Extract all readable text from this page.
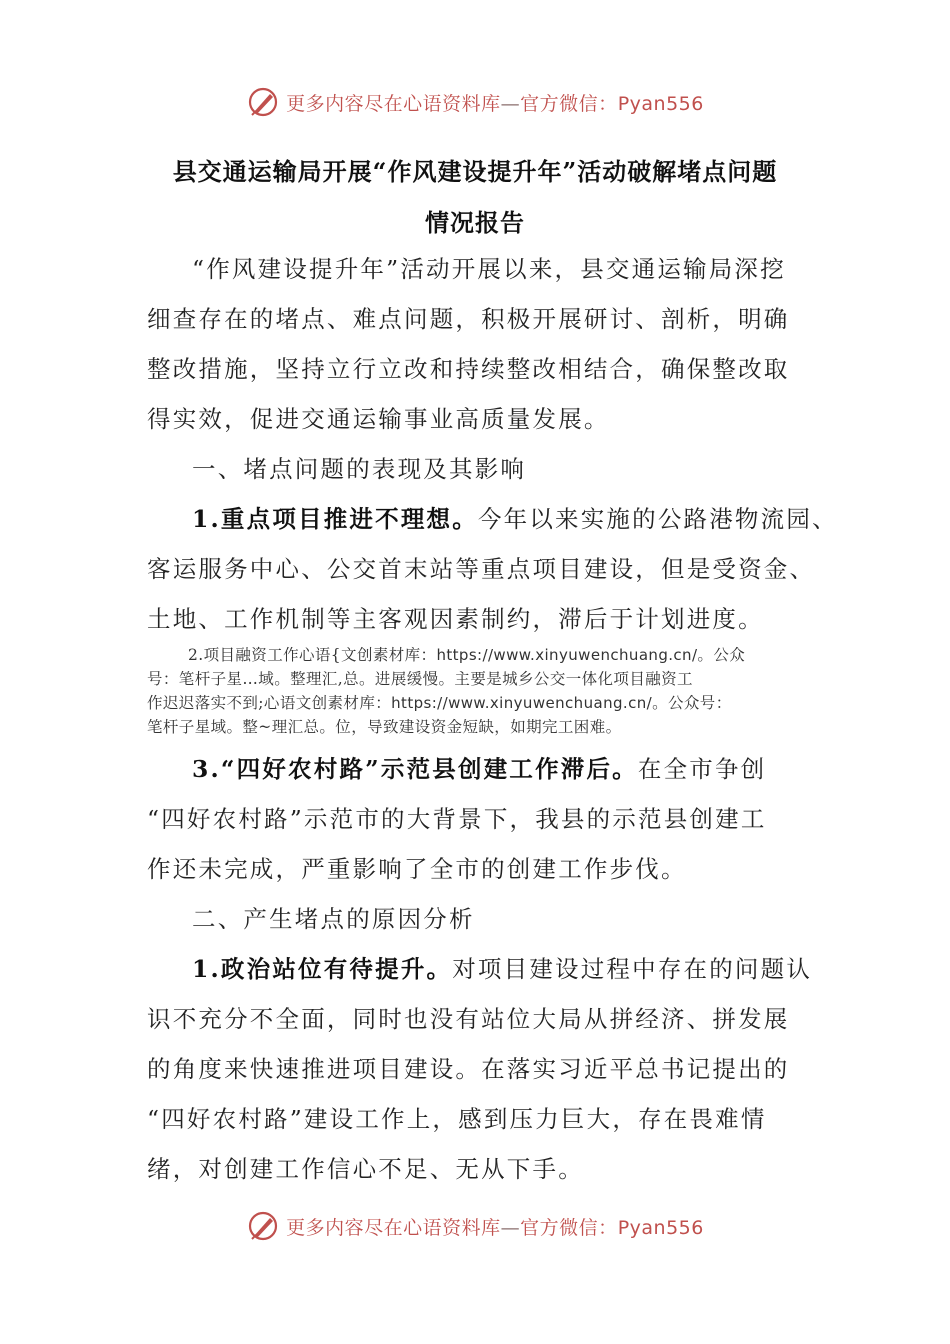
更多内容尽在心语资料库—官方微信：Pyan556
县交通运输局开展“作风建设提升年”活动破解堵点问题
情况报告
“作风建设提升年”活动开展以来，县交通运输局深挖
细查存在的堵点、难点问题，积极开展研讨、剖析，明确
整改措施，坚持立行立改和持续整改相结合，确保整改取
得实效，促进交通运输事业高质量发展。
一、堵点问题的表现及其影响
1.重点项目推进不理想。今年以来实施的公路港物流园、
客运服务中心、公交首末站等重点项目建设，但是受资金、
土地、工作机制等主客观因素制约，滞后于计划进度。
2.项目融资工作心语{文创素材库：https://www.xinyuwenchuang.cn/。公众
号：笔杆子星…域。整理汇,总。进展缓慢。主要是城乡公交一体化项目融资工
作迟迟落实不到;心语文创素材库：https://www.xinyuwenchuang.cn/。公众号：
笔杆子星域。整~理汇总。位，导致建设资金短缺，如期完工困难。
3.“四好农村路”示范县创建工作滞后。在全市争创
“四好农村路”示范市的大背景下，我县的示范县创建工
作还未完成，严重影响了全市的创建工作步伐。
二、产生堵点的原因分析
1.政治站位有待提升。对项目建设过程中存在的问题认
识不充分不全面，同时也没有站位大局从拼经济、拼发展
的角度来快速推进项目建设。在落实习近平总书记提出的
“四好农村路”建设工作上，感到压力巨大，存在畏难情
绪，对创建工作信心不足、无从下手。
更多内容尽在心语资料库—官方微信：Pyan556
